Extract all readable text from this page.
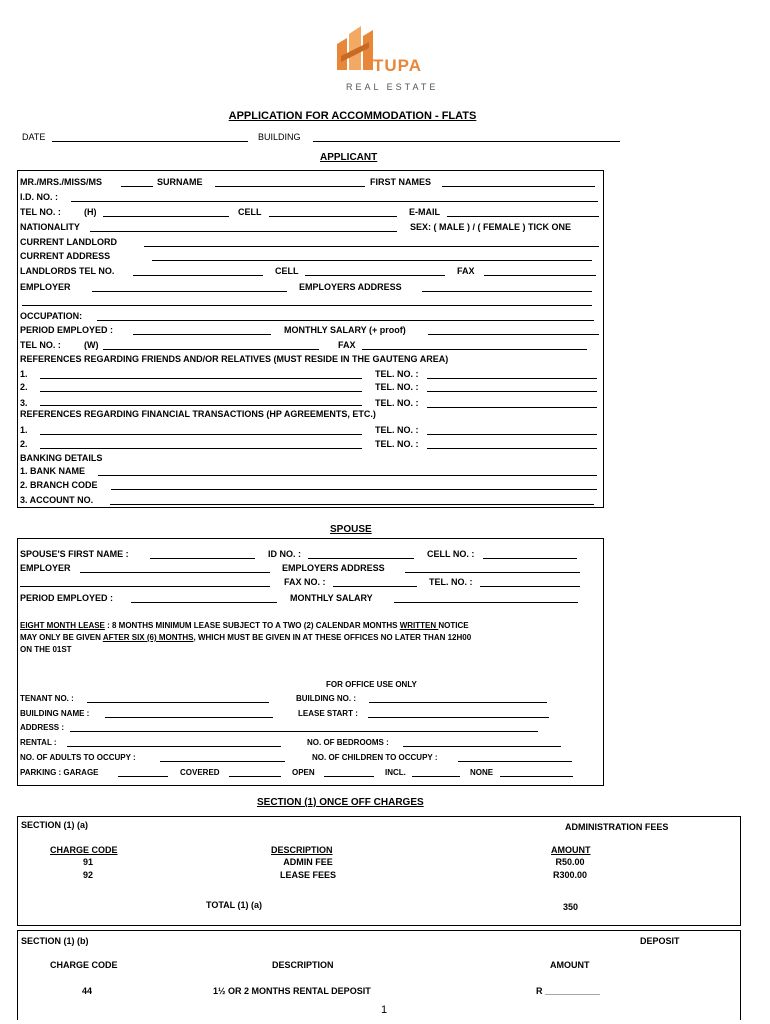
TUPA
REAL ESTATE
APPLICATION FOR ACCOMMODATION - FLATS
DATE	BUILDING
APPLICANT
MR./MRS./MISS/MS	SURNAME	FIRST NAMES
I.D. NO. :
TEL NO. :	(H)	CELL	E-MAIL
NATIONALITY	SEX: ( MALE ) / ( FEMALE ) TICK ONE
CURRENT LANDLORD
CURRENT ADDRESS
LANDLORDS TEL NO.	CELL	FAX
EMPLOYER	EMPLOYERS ADDRESS
OCCUPATION:
PERIOD EMPLOYED :	MONTHLY SALARY (+ proof)
TEL NO. :	(W)	FAX
REFERENCES REGARDING FRIENDS AND/OR RELATIVES (MUST RESIDE IN THE GAUTENG AREA)
1.	TEL. NO. :
2.	TEL. NO. :
3.	TEL. NO. :
REFERENCES REGARDING FINANCIAL TRANSACTIONS (HP AGREEMENTS, ETC.)
1.	TEL. NO. :
2.	TEL. NO. :
BANKING DETAILS
1. BANK NAME
2. BRANCH CODE
3. ACCOUNT NO.
SPOUSE
SPOUSE'S FIRST NAME :	ID NO. :	CELL NO. :
EMPLOYER	EMPLOYERS ADDRESS
FAX NO. :	TEL. NO. :
PERIOD EMPLOYED :	MONTHLY SALARY
EIGHT MONTH LEASE : 8 MONTHS MINIMUM LEASE SUBJECT TO A TWO (2) CALENDAR MONTHS WRITTEN NOTICE
MAY ONLY BE GIVEN AFTER SIX (6) MONTHS, WHICH MUST BE GIVEN IN AT THESE OFFICES NO LATER THAN 12H00
ON THE 01ST
FOR OFFICE USE ONLY
TENANT NO. :	BUILDING NO. :
BUILDING NAME :	LEASE START :
ADDRESS :
RENTAL :	NO. OF BEDROOMS :
NO. OF ADULTS TO OCCUPY :	NO. OF CHILDREN TO OCCUPY :
PARKING : GARAGE	COVERED	OPEN	INCL.	NONE
SECTION (1) ONCE OFF CHARGES
SECTION (1) (a)	ADMINISTRATION FEES
CHARGE CODE	DESCRIPTION	AMOUNT
91	ADMIN FEE	R50.00
92	LEASE FEES	R300.00
TOTAL (1) (a)	350
SECTION (1) (b)	DEPOSIT
CHARGE CODE	DESCRIPTION	AMOUNT
44	1½ OR 2 MONTHS RENTAL DEPOSIT	R ___________
1
